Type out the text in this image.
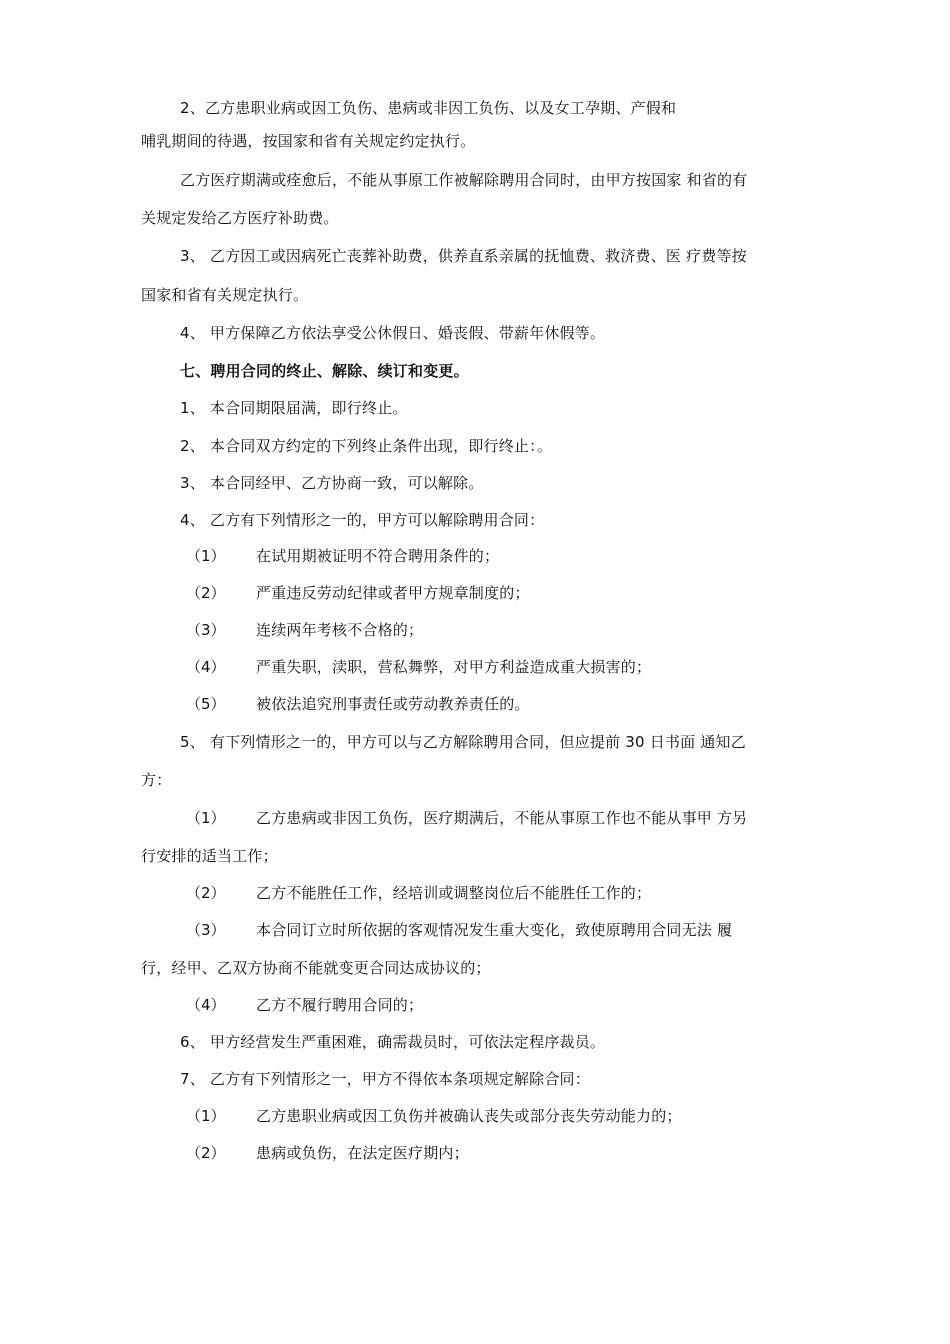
2、乙方患职业病或因工负伤、患病或非因工负伤、以及女工孕期、产假和
哺乳期间的待遇，按国家和省有关规定约定执行。
乙方医疗期满或痊愈后，不能从事原工作被解除聘用合同时，由甲方按国家 和省的有
关规定发给乙方医疗补助费。
3、 乙方因工或因病死亡丧葬补助费，供养直系亲属的抚恤费、救济费、医 疗费等按
国家和省有关规定执行。
4、 甲方保障乙方依法享受公休假日、婚丧假、带薪年休假等。
七、聘用合同的终止、解除、续订和变更。
1、 本合同期限届满，即行终止。
2、 本合同双方约定的下列终止条件出现，即行终止：。
3、 本合同经甲、乙方协商一致，可以解除。
4、 乙方有下列情形之一的，甲方可以解除聘用合同：
（1） 在试用期被证明不符合聘用条件的；
（2） 严重违反劳动纪律或者甲方规章制度的；
（3） 连续两年考核不合格的；
（4） 严重失职，渎职，营私舞弊，对甲方利益造成重大损害的；
（5） 被依法追究刑事责任或劳动教养责任的。
5、 有下列情形之一的，甲方可以与乙方解除聘用合同，但应提前 30 日书面 通知乙
方：
（1） 乙方患病或非因工负伤，医疗期满后，不能从事原工作也不能从事甲 方另
行安排的适当工作；
（2） 乙方不能胜任工作，经培训或调整岗位后不能胜任工作的；
（3） 本合同订立时所依据的客观情况发生重大变化，致使原聘用合同无法 履
行，经甲、乙双方协商不能就变更合同达成协议的；
（4） 乙方不履行聘用合同的；
6、 甲方经营发生严重困难，确需裁员时，可依法定程序裁员。
7、 乙方有下列情形之一，甲方不得依本条项规定解除合同：
（1） 乙方患职业病或因工负伤并被确认丧失或部分丧失劳动能力的；
（2） 患病或负伤，在法定医疗期内；
